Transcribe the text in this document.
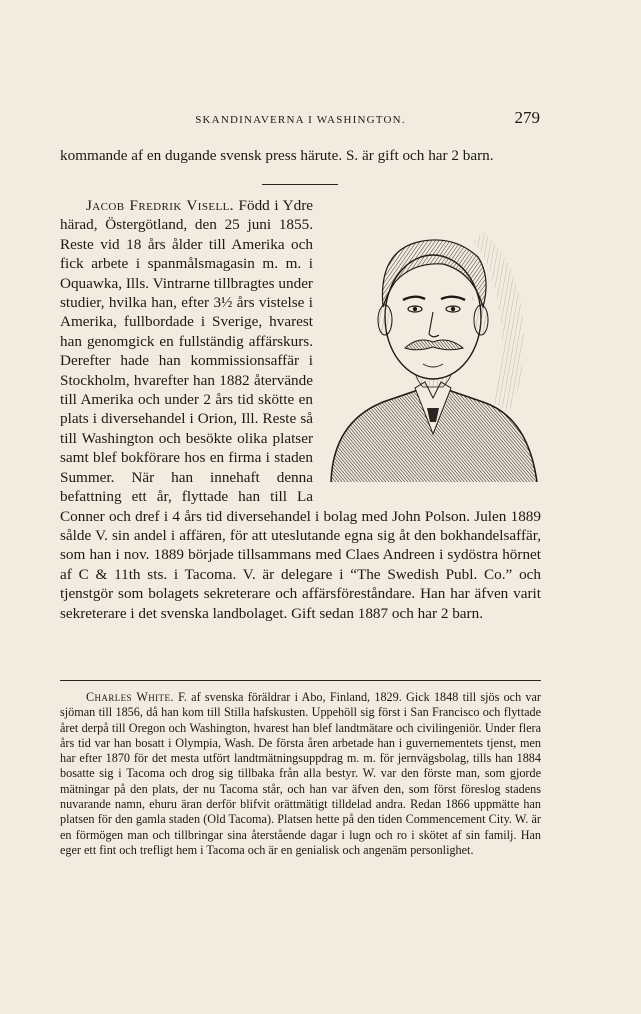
SKANDINAVERNA I WASHINGTON.	279

kommande af en dugande svensk press härute. S. är gift och har 2 barn.

Jacob Fredrik Visell. Född i Ydre härad, Östergötland, den 25 juni 1855. Reste vid 18 års ålder till Amerika och fick arbete i spanmålsmagasin m. m. i Oquawka, Ills. Vintrarne tillbragtes under studier, hvilka han, efter 3½ års vistelse i Amerika, fullbordade i Sverige, hvarest han genomgick en fullständig affärskurs. Derefter hade han kommissionsaffär i Stockholm, hvarefter han 1882 återvände till Amerika och under 2 års tid skötte en plats i diversehandel i Orion, Ill. Reste så till Washington och besökte olika platser samt blef bokförare hos en firma i staden Summer. När han innehaft denna befattning ett år, flyttade han till La Conner och dref i 4 års tid diversehandel i bolag med John Polson. Julen 1889 sålde V. sin andel i affären, för att uteslutande egna sig åt den bokhandelsaffär, som han i nov. 1889 började tillsammans med Claes Andreen i sydöstra hörnet af C & 11th sts. i Tacoma. V. är delegare i “The Swedish Publ. Co.” och tjenstgör som bolagets sekreterare och affärsföreståndare. Han har äfven varit sekreterare i det svenska landbolaget. Gift sedan 1887 och har 2 barn.

Charles White. F. af svenska föräldrar i Abo, Finland, 1829. Gick 1848 till sjös och var sjöman till 1856, då han kom till Stilla hafskusten. Uppehöll sig först i San Francisco och flyttade året derpå till Oregon och Washington, hvarest han blef landtmätare och civilingeniör. Under flera års tid var han bosatt i Olympia, Wash. De första åren arbetade han i guvernementets tjenst, men har efter 1870 för det mesta utfört landtmätningsuppdrag m. m. för jernvägsbolag, tills han 1884 bosatte sig i Tacoma och drog sig tillbaka från alla bestyr. W. var den förste man, som gjorde mätningar på den plats, der nu Tacoma står, och han var äfven den, som först föreslog stadens nuvarande namn, ehuru äran derför blifvit orättmätigt tilldelad andra. Redan 1866 uppmätte han platsen för den gamla staden (Old Tacoma). Platsen hette på den tiden Commencement City. W. är en förmögen man och tillbringar sina återstående dagar i lugn och ro i skötet af sin familj. Han eger ett fint och trefligt hem i Tacoma och är en genialisk och angenäm personlighet.
